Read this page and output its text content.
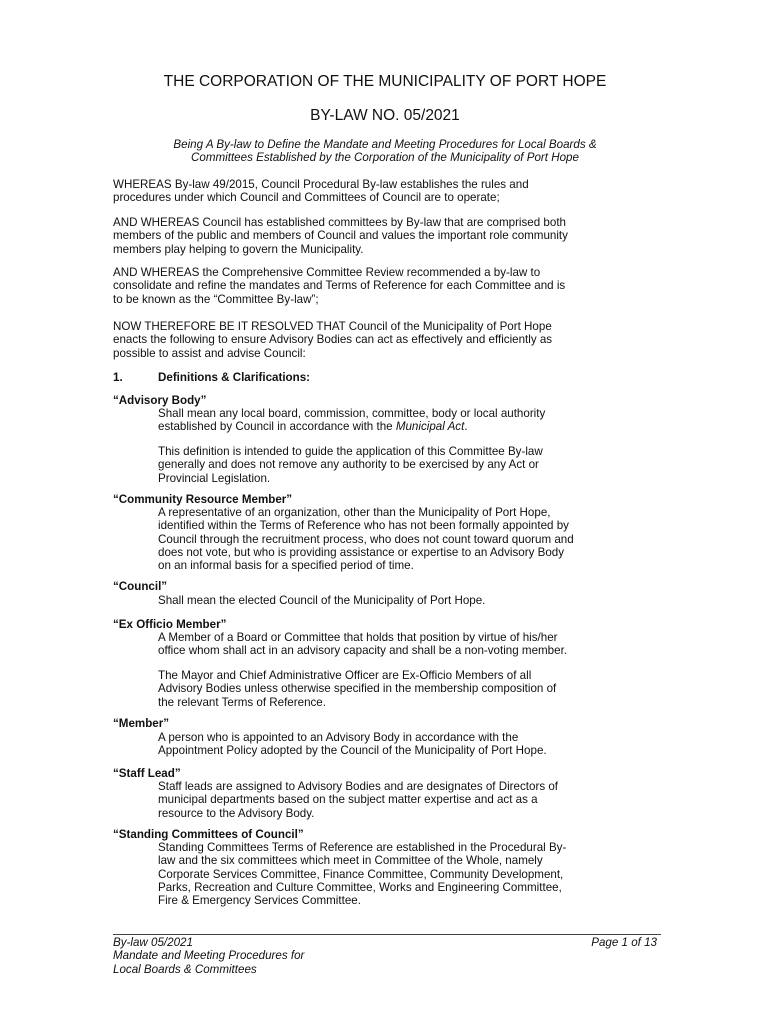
THE CORPORATION OF THE MUNICIPALITY OF PORT HOPE
BY-LAW NO. 05/2021
Being A By-law to Define the Mandate and Meeting Procedures for Local Boards &
Committees Established by the Corporation of the Municipality of Port Hope
WHEREAS By-law 49/2015, Council Procedural By-law establishes the rules and
procedures under which Council and Committees of Council are to operate;
AND WHEREAS Council has established committees by By-law that are comprised both
members of the public and members of Council and values the important role community
members play helping to govern the Municipality.
AND WHEREAS the Comprehensive Committee Review recommended a by-law to
consolidate and refine the mandates and Terms of Reference for each Committee and is
to be known as the “Committee By-law”;
NOW THEREFORE BE IT RESOLVED THAT Council of the Municipality of Port Hope
enacts the following to ensure Advisory Bodies can act as effectively and efficiently as
possible to assist and advise Council:
1.	Definitions & Clarifications:
“Advisory Body”
Shall mean any local board, commission, committee, body or local authority
established by Council in accordance with the Municipal Act.
This definition is intended to guide the application of this Committee By-law
generally and does not remove any authority to be exercised by any Act or
Provincial Legislation.
“Community Resource Member”
A representative of an organization, other than the Municipality of Port Hope,
identified within the Terms of Reference who has not been formally appointed by
Council through the recruitment process, who does not count toward quorum and
does not vote, but who is providing assistance or expertise to an Advisory Body
on an informal basis for a specified period of time.
“Council”
Shall mean the elected Council of the Municipality of Port Hope.
“Ex Officio Member”
A Member of a Board or Committee that holds that position by virtue of his/her
office whom shall act in an advisory capacity and shall be a non-voting member.
The Mayor and Chief Administrative Officer are Ex-Officio Members of all
Advisory Bodies unless otherwise specified in the membership composition of
the relevant Terms of Reference.
“Member”
A person who is appointed to an Advisory Body in accordance with the
Appointment Policy adopted by the Council of the Municipality of Port Hope.
“Staff Lead”
Staff leads are assigned to Advisory Bodies and are designates of Directors of
municipal departments based on the subject matter expertise and act as a
resource to the Advisory Body.
“Standing Committees of Council”
Standing Committees Terms of Reference are established in the Procedural By-
law and the six committees which meet in Committee of the Whole, namely
Corporate Services Committee, Finance Committee, Community Development,
Parks, Recreation and Culture Committee, Works and Engineering Committee,
Fire & Emergency Services Committee.
By-law 05/2021
Mandate and Meeting Procedures for
Local Boards & Committees
Page 1 of 13
